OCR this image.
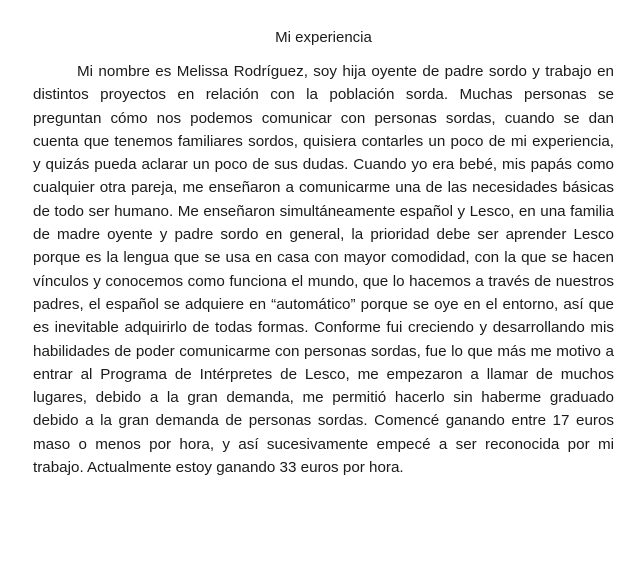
Mi experiencia

Mi nombre es Melissa Rodríguez, soy hija oyente de padre sordo y trabajo en distintos proyectos en relación con la población sorda. Muchas personas se preguntan cómo nos podemos comunicar con personas sordas, cuando se dan cuenta que tenemos familiares sordos, quisiera contarles un poco de mi experiencia, y quizás pueda aclarar un poco de sus dudas. Cuando yo era bebé, mis papás como cualquier otra pareja, me enseñaron a comunicarme una de las necesidades básicas de todo ser humano. Me enseñaron simultáneamente español y Lesco, en una familia de madre oyente y padre sordo en general, la prioridad debe ser aprender Lesco porque es la lengua que se usa en casa con mayor comodidad, con la que se hacen vínculos y conocemos como funciona el mundo, que lo hacemos a través de nuestros padres, el español se adquiere en “automático” porque se oye en el entorno, así que es inevitable adquirirlo de todas formas. Conforme fui creciendo y desarrollando mis habilidades de poder comunicarme con personas sordas, fue lo que más me motivo a entrar al Programa de Intérpretes de Lesco, me empezaron a llamar de muchos lugares, debido a la gran demanda, me permitió hacerlo sin haberme graduado debido a la gran demanda de personas sordas. Comencé ganando entre 17 euros maso o menos por hora, y así sucesivamente empecé a ser reconocida por mi trabajo. Actualmente estoy ganando 33 euros por hora.
